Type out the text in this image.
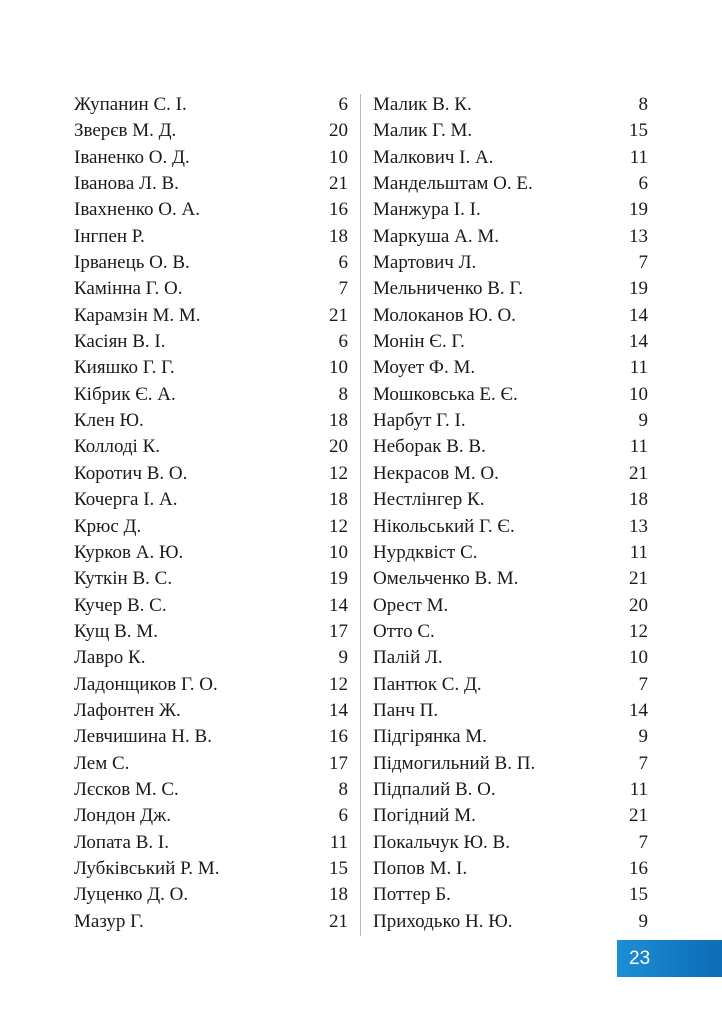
Жупанин С. І.	6
Зверєв М. Д.	20
Іваненко О. Д.	10
Іванова Л. В.	21
Івахненко О. А.	16
Інгпен Р.	18
Ірванець О. В.	6
Камінна Г. О.	7
Карамзін М. М.	21
Касіян В. І.	6
Кияшко Г. Г.	10
Кібрик Є. А.	8
Клен Ю.	18
Коллоді К.	20
Коротич В. О.	12
Кочерга І. А.	18
Крюс Д.	12
Курков А. Ю.	10
Куткін В. С.	19
Кучер В. С.	14
Кущ В. М.	17
Лавро К.	9
Ладонщиков Г. О.	12
Лафонтен Ж.	14
Левчишина Н. В.	16
Лем С.	17
Лєсков М. С.	8
Лондон Дж.	6
Лопата В. І.	11
Лубківський Р. М.	15
Луценко Д. О.	18
Мазур Г.	21
Малик В. К.	8
Малик Г. М.	15
Малкович І. А.	11
Мандельштам О. Е.	6
Манжура І. І.	19
Маркуша А. М.	13
Мартович Л.	7
Мельниченко В. Г.	19
Молоканов Ю. О.	14
Монін Є. Г.	14
Моует Ф. М.	11
Мошковська Е. Є.	10
Нарбут Г. І.	9
Неборак В. В.	11
Некрасов М. О.	21
Нестлінгер К.	18
Нікольський Г. Є.	13
Нурдквіст С.	11
Омельченко В. М.	21
Орест М.	20
Отто С.	12
Палій Л.	10
Пантюк С. Д.	7
Панч П.	14
Підгірянка М.	9
Підмогильний В. П.	7
Підпалий В. О.	11
Погідний М.	21
Покальчук Ю. В.	7
Попов М. І.	16
Поттер Б.	15
Приходько Н. Ю.	9
23
